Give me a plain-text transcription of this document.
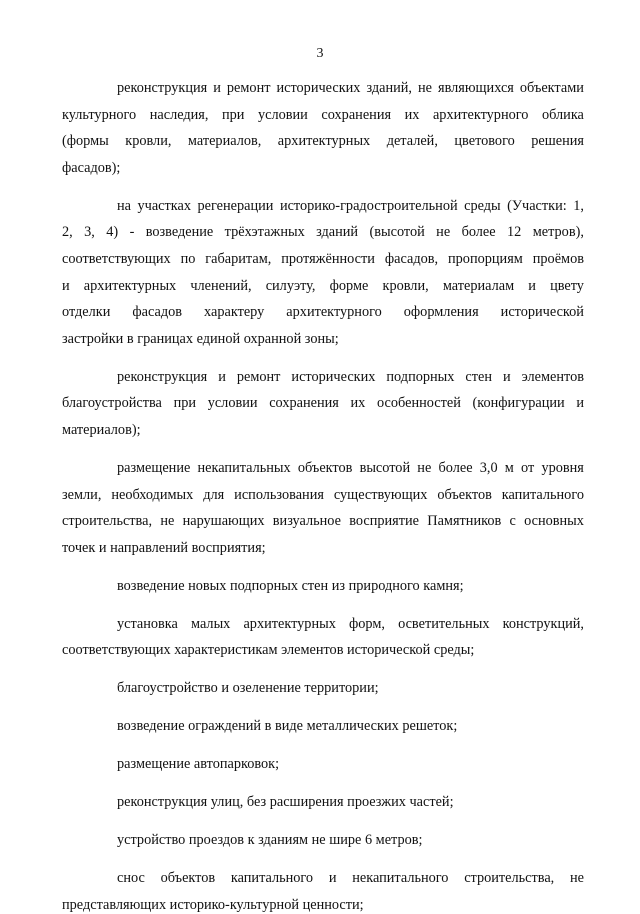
3
реконструкция и ремонт исторических зданий, не являющихся объектами
культурного наследия, при условии сохранения их архитектурного облика
(формы кровли, материалов, архитектурных деталей, цветового решения
фасадов);
на участках регенерации историко-градостроительной среды (Участки: 1,
2, 3, 4) - возведение трёхэтажных зданий (высотой не более 12 метров),
соответствующих по габаритам, протяжённости фасадов, пропорциям проёмов
и архитектурных членений, силуэту, форме кровли, материалам и цвету
отделки фасадов характеру архитектурного оформления исторической
застройки в границах единой охранной зоны;
реконструкция и ремонт исторических подпорных стен и элементов
благоустройства при условии сохранения их особенностей (конфигурации и
материалов);
размещение некапитальных объектов высотой не более 3,0 м от уровня
земли, необходимых для использования существующих объектов капитального
строительства, не нарушающих визуальное восприятие Памятников с основных
точек и направлений восприятия;
возведение новых подпорных стен из природного камня;
установка малых архитектурных форм, осветительных конструкций,
соответствующих характеристикам элементов исторической среды;
благоустройство и озеленение территории;
возведение ограждений в виде металлических решеток;
размещение автопарковок;
реконструкция улиц, без расширения проезжих частей;
устройство проездов к зданиям не шире 6 метров;
снос объектов капитального и некапитального строительства, не
представляющих историко-культурной ценности;
